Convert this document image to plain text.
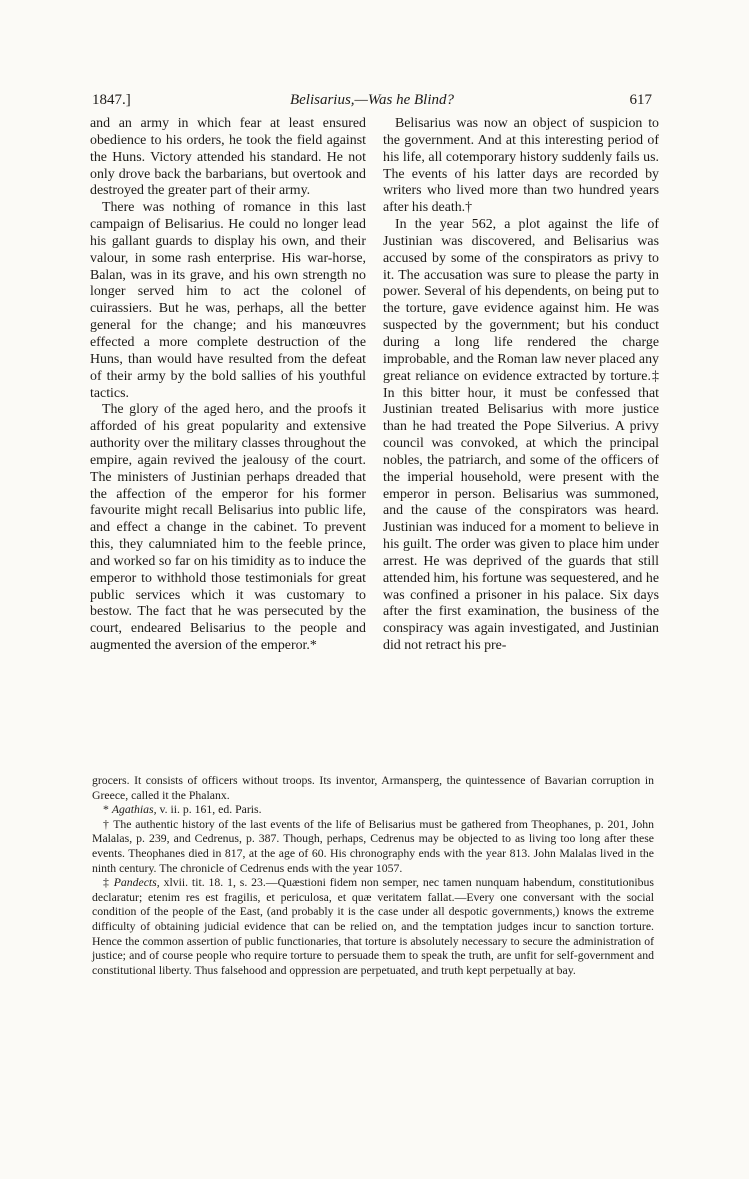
1847.]	Belisarius,—Was he Blind?	617

and an army in which fear at least ensured obedience to his orders, he took the field against the Huns. Victory attended his standard. He not only drove back the barbarians, but overtook and destroyed the greater part of their army.

There was nothing of romance in this last campaign of Belisarius. He could no longer lead his gallant guards to display his own, and their valour, in some rash enterprise. His war-horse, Balan, was in its grave, and his own strength no longer served him to act the colonel of cuirassiers. But he was, perhaps, all the better general for the change; and his manœuvres effected a more complete destruction of the Huns, than would have resulted from the defeat of their army by the bold sallies of his youthful tactics.

The glory of the aged hero, and the proofs it afforded of his great popularity and extensive authority over the military classes throughout the empire, again revived the jealousy of the court. The ministers of Justinian perhaps dreaded that the affection of the emperor for his former favourite might recall Belisarius into public life, and effect a change in the cabinet. To prevent this, they calumniated him to the feeble prince, and worked so far on his timidity as to induce the emperor to withhold those testimonials for great public services which it was customary to bestow. The fact that he was persecuted by the court, endeared Belisarius to the people and augmented the aversion of the emperor.*

Belisarius was now an object of suspicion to the government. And at this interesting period of his life, all cotemporary history suddenly fails us. The events of his latter days are recorded by writers who lived more than two hundred years after his death.†

In the year 562, a plot against the life of Justinian was discovered, and Belisarius was accused by some of the conspirators as privy to it. The accusation was sure to please the party in power. Several of his dependents, on being put to the torture, gave evidence against him. He was suspected by the government; but his conduct during a long life rendered the charge improbable, and the Roman law never placed any great reliance on evidence extracted by torture.‡ In this bitter hour, it must be confessed that Justinian treated Belisarius with more justice than he had treated the Pope Silverius. A privy council was convoked, at which the principal nobles, the patriarch, and some of the officers of the imperial household, were present with the emperor in person. Belisarius was summoned, and the cause of the conspirators was heard. Justinian was induced for a moment to believe in his guilt. The order was given to place him under arrest. He was deprived of the guards that still attended him, his fortune was sequestered, and he was confined a prisoner in his palace. Six days after the first examination, the business of the conspiracy was again investigated, and Justinian did not retract his pre-

grocers. It consists of officers without troops. Its inventor, Armansperg, the quintessence of Bavarian corruption in Greece, called it the Phalanx.

* Agathias, v. ii. p. 161, ed. Paris.

† The authentic history of the last events of the life of Belisarius must be gathered from Theophanes, p. 201, John Malalas, p. 239, and Cedrenus, p. 387. Though, perhaps, Cedrenus may be objected to as living too long after these events. Theophanes died in 817, at the age of 60. His chronography ends with the year 813. John Malalas lived in the ninth century. The chronicle of Cedrenus ends with the year 1057.

‡ Pandects, xlvii. tit. 18. 1, s. 23.—Quæstioni fidem non semper, nec tamen nunquam habendum, constitutionibus declaratur; etenim res est fragilis, et periculosa, et quæ veritatem fallat.—Every one conversant with the social condition of the people of the East, (and probably it is the case under all despotic governments,) knows the extreme difficulty of obtaining judicial evidence that can be relied on, and the temptation judges incur to sanction torture. Hence the common assertion of public functionaries, that torture is absolutely necessary to secure the administration of justice; and of course people who require torture to persuade them to speak the truth, are unfit for self-government and constitutional liberty. Thus falsehood and oppression are perpetuated, and truth kept perpetually at bay.
